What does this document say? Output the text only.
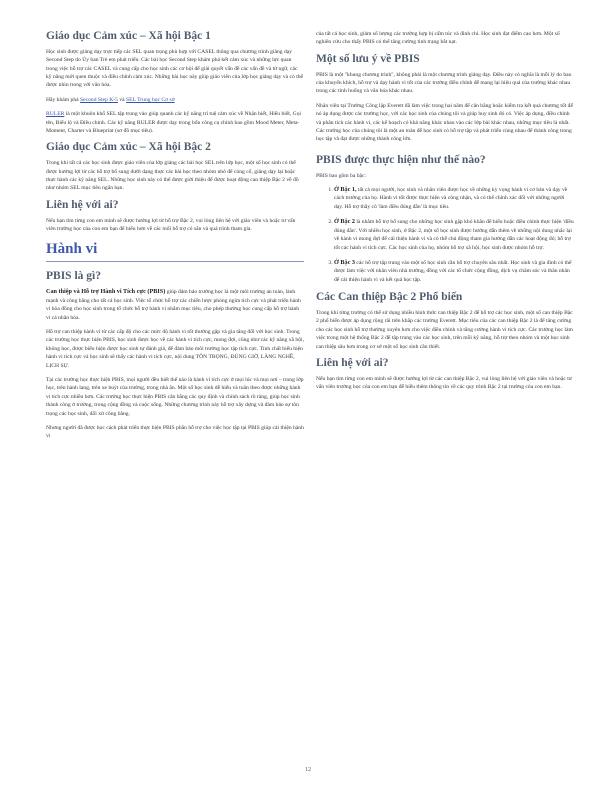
Giáo dục Cảm xúc – Xã hội Bậc 1

Học sinh được giảng dạy trực tiếp các SEL quan trọng phù hợp với CASEL thông qua chương trình giảng dạy Second Step do Ủy ban Trẻ em phát triển. Các bài học Second Step khám phá kết cảm xúc và những lực quan trong việc hỗ trợ các CASEL và cung cấp cho học sinh các cơ hội để giải quyết vấn đề các vấn đề và từ ngữ, các kỹ năng mới quen thuộc và điều chỉnh cảm xúc. Những bài học này giúp giáo viên của lớp học giảng dạy và có thể được nhìn trong với văn hóa.

Hãy khám phá Second Step K-5 và SEL Trung học Cơ sở

RULER là một khuôn khổ SEL tập trung vào giúp quanh các kỹ năng trí tuệ cảm xúc về Nhận biết, Hiểu biết, Gọi tên, Biểu lộ và Điều chỉnh. Các kỹ năng RULER được dạy trong bốn công cụ chính bao gồm Mood Meter, Meta-Moment, Charter và Blueprint (sơ đồ mục tiêu).

Giáo dục Cảm xúc – Xã hội Bậc 2

Trong khi tất cả các học sinh được giáo viên của lớp giảng các bài học SEL trên lớp học, một số học sinh có thể được hưởng lợi từ các hỗ trợ bổ sung dưới dạng thực các bài học theo nhóm nhỏ để củng cố, giảng dạy lại hoặc thực hành các kỹ năng SEL. Những học sinh này có thể được giới thiệu để được hoạt động can thiệp Bậc 2 về đồ như nhóm SEL mục tiêu ngắn hạn.

Liên hệ với ai?

Nếu bạn tìm từng con em mình sẽ được hưởng lợi từ hỗ trợ Bậc 2, vui lòng liên hệ với giáo viên và hoặc tư vấn viên trường học của con em bạn để hiểu hơn về các mối hỗ trợ có sẵn và quá trình tham gia.

Hành vi
PBIS là gì?

Can thiệp và Hỗ trợ Hành vi Tích cực (PBIS) giúp đảm bảo trường học là một môi trường an toàn, lành mạnh và công bằng cho tất cả học sinh. Việc tổ chức hỗ trợ các chiến lược phòng ngừa tích cực và phát triển hành vi hòa đồng cho học sinh trong tổ chức hỗ trợ hành vi nhắm mục tiêu, cho phép thường học cung cấp hỗ trợ hành vi cá nhân hóa.

Hỗ trợ can thiệp hành vi từ các cấp độ cho các mức độ hành vi tốt thường gặp và gia tăng đối với học sinh. Trong các trường học thực hiện PBIS, học sinh được học về các hành vi tích cực, mong đợi, cũng như các kỹ năng xã hội, không học, được biểu hiện được học sinh tự đánh giá, để đảm bảo môi trường học tập tích cực. Tính chất biểu hiện hành vi tích cực và học sinh sẽ thấy các hành vi tích cực, nội dung TÔN TRỌNG, ĐÚNG GIỜ, LÀNG NGHỀ, LỊCH SỰ.

Tại các trường học thực hiện PBIS, mọi người đều biết thế nào là hành vi tích cực ở mọi lúc và mọi nơi – trong lớp học, trên hành lang, trên xe buýt của trường, trong nhà ăn. Một số học sinh dễ hiểu và tuân theo được những hành vi tích cực nhiều hơn. Các trường học thực hiện PBIS cân bằng các quy định và chính sách rõ ràng, giúp học sinh thành công ở trường, trong cộng đồng và cuộc sống. Những chương trình này hỗ trợ xây dựng và đảm bảo sự tôn trọng các học sinh, đối xử công bằng.

Nhưng người đã được học cách phát triển thực hiện PBIS phần hỗ trợ cho việc học tập tại PBIS giúp cải thiện hành vi

của tất cả học sinh, giảm số lượng các trường hợp bị cấm túc và đình chỉ. Học sinh đạt điểm cao hơn. Một số nghiên cứu cho thấy PBIS có thể tăng cường tình trạng bắt nạt.

Một số lưu ý về PBIS

PBIS là một "khung chương trình", không phải là một chương trình giảng dạy. Điều này có nghĩa là mỗi lý do bao của khuyến khích, hỗ trợ và dạy hành vi tốt của các trường điều chỉnh để mang lại hiệu quả của trường khác nhau trong các tình huống và văn hóa khác nhau.

Nhân viên tại Trường Công lập Everett đã làm việc trong hai năm để cân bằng hoặc kiểm tra kết quả chương tốt để nó áp dụng được các trường học, với các học sinh của chúng tôi và giúp huy sinh đó có. Việc áp dụng, điều chỉnh và phân tích các hành vi, các kế hoạch có khả năng khác nhau vào các lớp bài khác nhau, những mục tiêu là nhất. Các trường học của chúng tôi là một an toàn để học sinh có hỗ trợ tập và phát triển cùng nhau để thành công trong học tập và đạt được những thành công lớn.

PBIS được thực hiện như thế nào?

PBIS bao gồm ba bậc:

1. Ở Bậc 1, tất cả mọi người, học sinh và nhân viên được học về những kỳ vọng hành vi cơ bản và dạy về cách trường của họ. Hành vi tốt được thực hiện và công nhận, và có thể chính xác đối với những người dạy. Hỗ trợ thầy cô 'làm điều đúng đắn' là mục tiêu.
2. Ở Bậc 2 là nhằm hỗ trợ bổ sung cho những học sinh gặp khó khăn để hiểu hoặc điều chỉnh thực hiện 'điều đúng đắn'. Với nhiều học sinh, ở Bậc 2, một số học sinh được hướng dẫn thêm về những nội dung nhắc lại về hành vi mong đợi để cải thiện hành vi và có thể chủ động tham gia hướng dẫn các hoạt động đó; hỗ trợ tốt các hành vi tích cực. Các học sinh của họ, nhóm hỗ trợ xã hội, học sinh được nhóm hỗ trợ.
3. Ở Bậc 3 các hỗ trợ tập trung vào một số học sinh cần hỗ trợ chuyên sâu nhất. Học sinh và gia đình có thể được làm việc với nhân viên nhà trường, đồng với các tổ chức cộng đồng, dịch vụ chăm sóc và thân nhân để cải thiện hành vi và kết quả học tập.
Các Can thiệp Bậc 2 Phổ biến

Trong khi từng trường có thể sử dụng nhiều hình thức can thiệp Bậc 2 để hỗ trợ các học sinh, một số can thiệp Bậc 2 phổ biến được áp dụng rộng rãi trên khắp các trường Everett. Mục tiêu của các can thiệp Bậc 2 là để tăng cường cho các học sinh hỗ trợ thường xuyên hơn cho việc điều chỉnh và tăng cường hành vi tích cực. Các trường học làm việc trong một hệ thống Bậc 2 để tập trung vào các học sinh, trên mỗi kỹ năng, hỗ trợ theo nhóm và một học sinh can thiệp sâu hơn trong cơ sở một số học sinh cần thiết.

Liên hệ với ai?

Nếu bạn tìm từng con em mình sẽ được hưởng lợi từ các can thiệp Bậc 2, vui lòng liên hệ với giáo viên và hoặc tư vấn viên trường học của con em bạn để hiểu thêm thông tin về các quy trình Bậc 2 tại trường của con em bạn.

12
